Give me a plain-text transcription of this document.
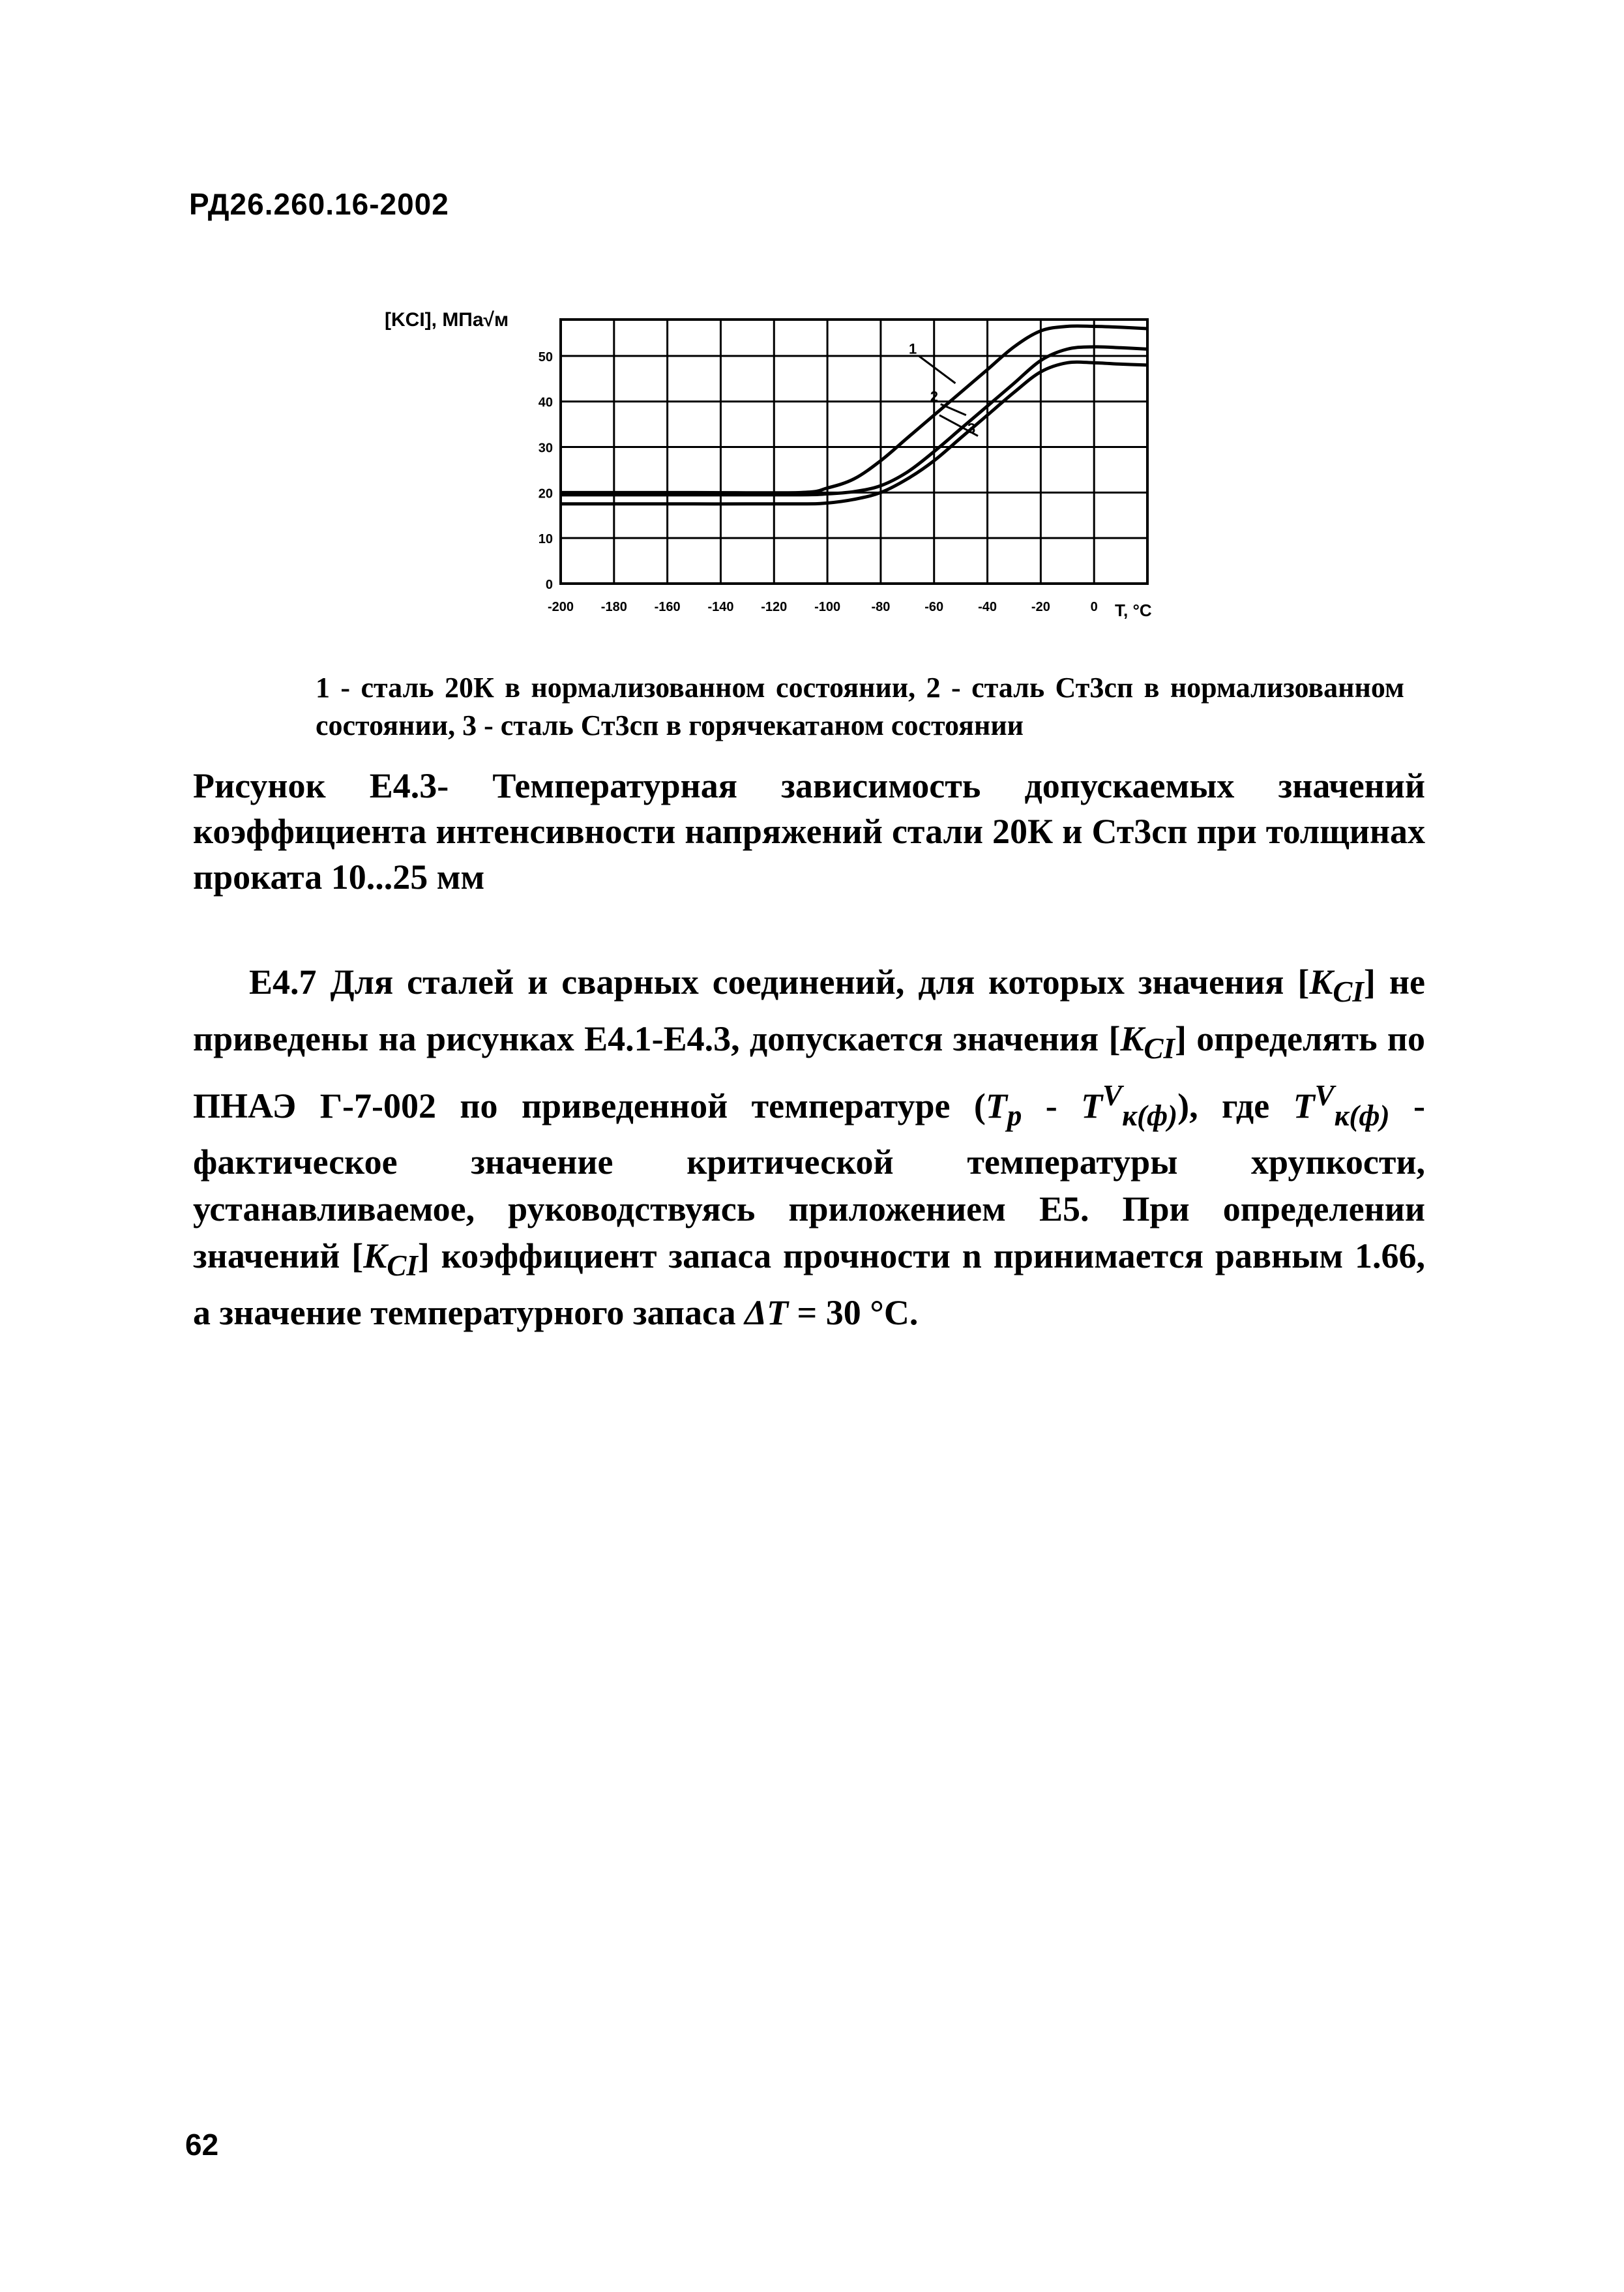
РД26.260.16-2002
[KCI], МПа√м
0
10
20
30
40
50
-200 -180 -160 -140 -120 -100 -80	-60	-40	-20	0 T, °C
1
2
3
1 - сталь 20К в нормализованном состоянии, 2 - сталь Ст3сп в нормализованном состоянии, 3 - сталь Ст3сп в горячекатаном состоянии
Рисунок Е4.3- Температурная зависимость допускаемых значений коэффициента интенсивности напряжений стали 20К и Ст3сп при толщинах проката 10...25 мм
Е4.7 Для сталей и сварных соединений, для которых значения $[K_{CI}]$ не приведены на рисунках Е4.1-Е4.3, допускается значения $[K_{CI}]$ определять по ПНАЭ Г-7-002 по приведенной температуре $(T_p - T^V_{к(ф)})$, где $T^V_{к(ф)}$ - фактическое значение критической температуры хрупкости, устанавливаемое, руководствуясь приложением Е5. При определении значений $[K_{CI}]$ коэффициент запаса прочности n принимается равным 1.66, а значение температурного запаса ΔT = 30 °С.
62
